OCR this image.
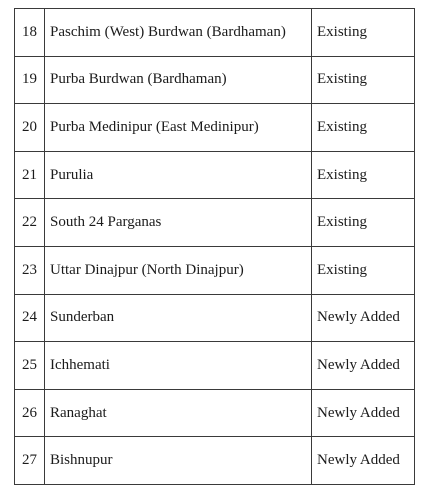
18	Paschim (West) Burdwan (Bardhaman)	Existing
19	Purba Burdwan (Bardhaman)	Existing
20	Purba Medinipur (East Medinipur)	Existing
21	Purulia	Existing
22	South 24 Parganas	Existing
23	Uttar Dinajpur (North Dinajpur)	Existing
24	Sunderban	Newly Added
25	Ichhemati	Newly Added
26	Ranaghat	Newly Added
27	Bishnupur	Newly Added
